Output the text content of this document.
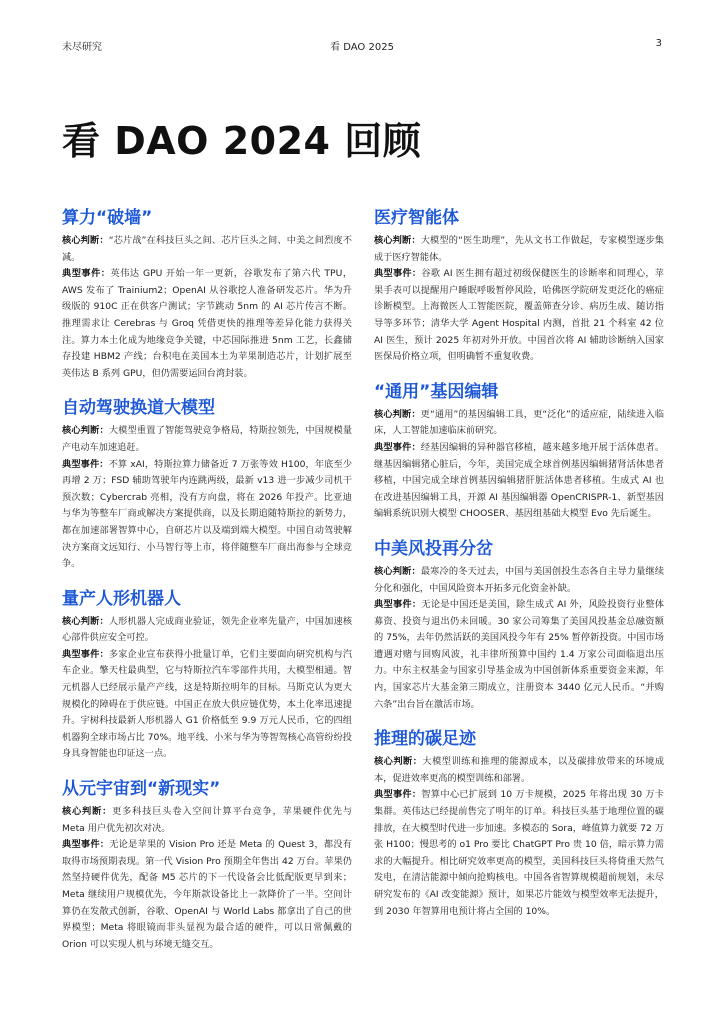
未尽研究	看 DAO 2025	3
看 DAO 2024 回顾
算力“破墙”

核心判断：“芯片战”在科技巨头之间、芯片巨头之间、中美之间烈度不减。

典型事件：英伟达 GPU 开始一年一更新，谷歌发布了第六代 TPU，AWS 发布了 Trainium2；OpenAI 从谷歌挖人准备研发芯片。华为升级版的 910C 正在供客户测试；字节跳动 5nm 的 AI 芯片传言不断。推理需求让 Cerebras 与 Groq 凭借更快的推理等差异化能力获得关注。算力本土化成为地缘竞争关键，中芯国际推进 5nm 工艺，长鑫储存投建 HBM2 产线；台积电在美国本土为苹果制造芯片，计划扩展至英伟达 B 系列 GPU，但仍需要运回台湾封装。

自动驾驶换道大模型

核心判断：大模型重置了智能驾驶竞争格局，特斯拉领先，中国规模量产电动车加速追赶。

典型事件：不算 xAI，特斯拉算力储备近 7 万张等效 H100，年底至少再增 2 万；FSD 辅助驾驶年内连跳两级，最新 v13 进一步减少司机干预次数；Cybercrab 亮相，没有方向盘，将在 2026 年投产。比亚迪与华为等整车厂商或解决方案提供商，以及长期追随特斯拉的新势力，都在加速部署智算中心，自研芯片以及端到端大模型。中国自动驾驶解决方案商文远知行、小马智行等上市，将伴随整车厂商出海参与全球竞争。

量产人形机器人

核心判断：人形机器人完成商业验证，领先企业率先量产，中国加速核心部件供应安全可控。

典型事件：多家企业宣布获得小批量订单，它们主要面向研究机构与汽车企业。擎天柱最典型，它与特斯拉汽车零部件共用，大模型相通。智元机器人已经展示量产产线，这是特斯拉明年的目标。马斯克认为更大规模化的障碍在于供应链。中国正在放大供应链优势，本土化率迅速提升。宇树科技最新人形机器人 G1 价格低至 9.9 万元人民币，它的四组机器狗全球市场占比 70%。地平线、小米与华为等智驾核心高管纷纷投身具身智能也印证这一点。

从元宇宙到“新现实”

核心判断：更多科技巨头卷入空间计算平台竞争，苹果硬件优先与 Meta 用户优先初次对决。

典型事件：无论是苹果的 Vision Pro 还是 Meta 的 Quest 3，都没有取得市场预期表现。第一代 Vision Pro 预期全年售出 42 万台。苹果仍然坚持硬件优先，配备 M5 芯片的下一代设备会比低配版更早到来；Meta 继续用户规模优先，今年斯款设备比上一款降价了一半。空间计算仍在发散式创新，谷歌、OpenAI 与 World Labs 都拿出了自己的世界模型；Meta 将眼镜而非头显视为最合适的硬件，可以日常佩戴的 Orion 可以实现人机与环境无缝交互。

医疗智能体

核心判断：大模型的“医生助理”，先从文书工作做起，专家模型逐步集成于医疗智能体。

典型事件：谷歌 AI 医生拥有超过初级保健医生的诊断率和同理心，苹果手表可以提醒用户睡眠呼吸暂停风险，哈佛医学院研发更泛化的癌症诊断模型。上海微医人工智能医院，覆盖筛查分诊、病历生成、随访指导等多环节；清华大学 Agent Hospital 内测，首批 21 个科室 42 位 AI 医生，预计 2025 年初对外开放。中国首次将 AI 辅助诊断纳入国家医保局价格立项，但明确暂不重复收费。

“通用”基因编辑

核心判断：更“通用”的基因编辑工具，更“泛化”的适应症，陆续进入临床，人工智能加速临床前研究。

典型事件：经基因编辑的异种器官移植，越来越多地开展于活体患者。继基因编辑猪心脏后，今年，美国完成全球首例基因编辑猪肾活体患者移植，中国完成全球首例基因编辑猪肝脏活体患者移植。生成式 AI 也在改进基因编辑工具，开源 AI 基因编辑器 OpenCRISPR-1、新型基因编辑系统识别大模型 CHOOSER、基因组基础大模型 Evo 先后诞生。

中美风投再分岔

核心判断：最寒冷的冬天过去，中国与美国创投生态各自主导力量继续分化和强化，中国风险资本开拓多元化资金补缺。

典型事件：无论是中国还是美国，除生成式 AI 外，风险投资行业整体募资、投资与退出仍未回暖。30 家公司筹集了美国风投基金总融资额的 75%，去年仍然活跃的美国风投今年有 25% 暂停新投资。中国市场遭遇对赌与回购风波，礼丰律所预算中国约 1.4 万家公司面临退出压力。中东主权基金与国家引导基金成为中国创新体系重要资金来源，年内，国家芯片大基金第三期成立，注册资本 3440 亿元人民币。“并购六条”出台旨在激活市场。

推理的碳足迹

核心判断：大模型训练和推理的能源成本，以及碳排放带来的环境成本，促进效率更高的模型训练和部署。

典型事件：智算中心已扩展到 10 万卡规模，2025 年将出现 30 万卡集群。英伟达已经提前售完了明年的订单。科技巨头基于地理位置的碳排放，在大模型时代进一步加速。多模态的 Sora，峰值算力就要 72 万张 H100；慢思考的 o1 Pro 要比 ChatGPT Pro 贵 10 倍，暗示算力需求的大幅提升。相比研究效率更高的模型，美国科技巨头将倚重天然气发电，在清洁能源中倾向抢购核电。中国各省智算规模超前规划，未尽研究发布的《AI 改变能源》预计，如果芯片能效与模型效率无法提升，到 2030 年智算用电预计将占全国的 10%。
